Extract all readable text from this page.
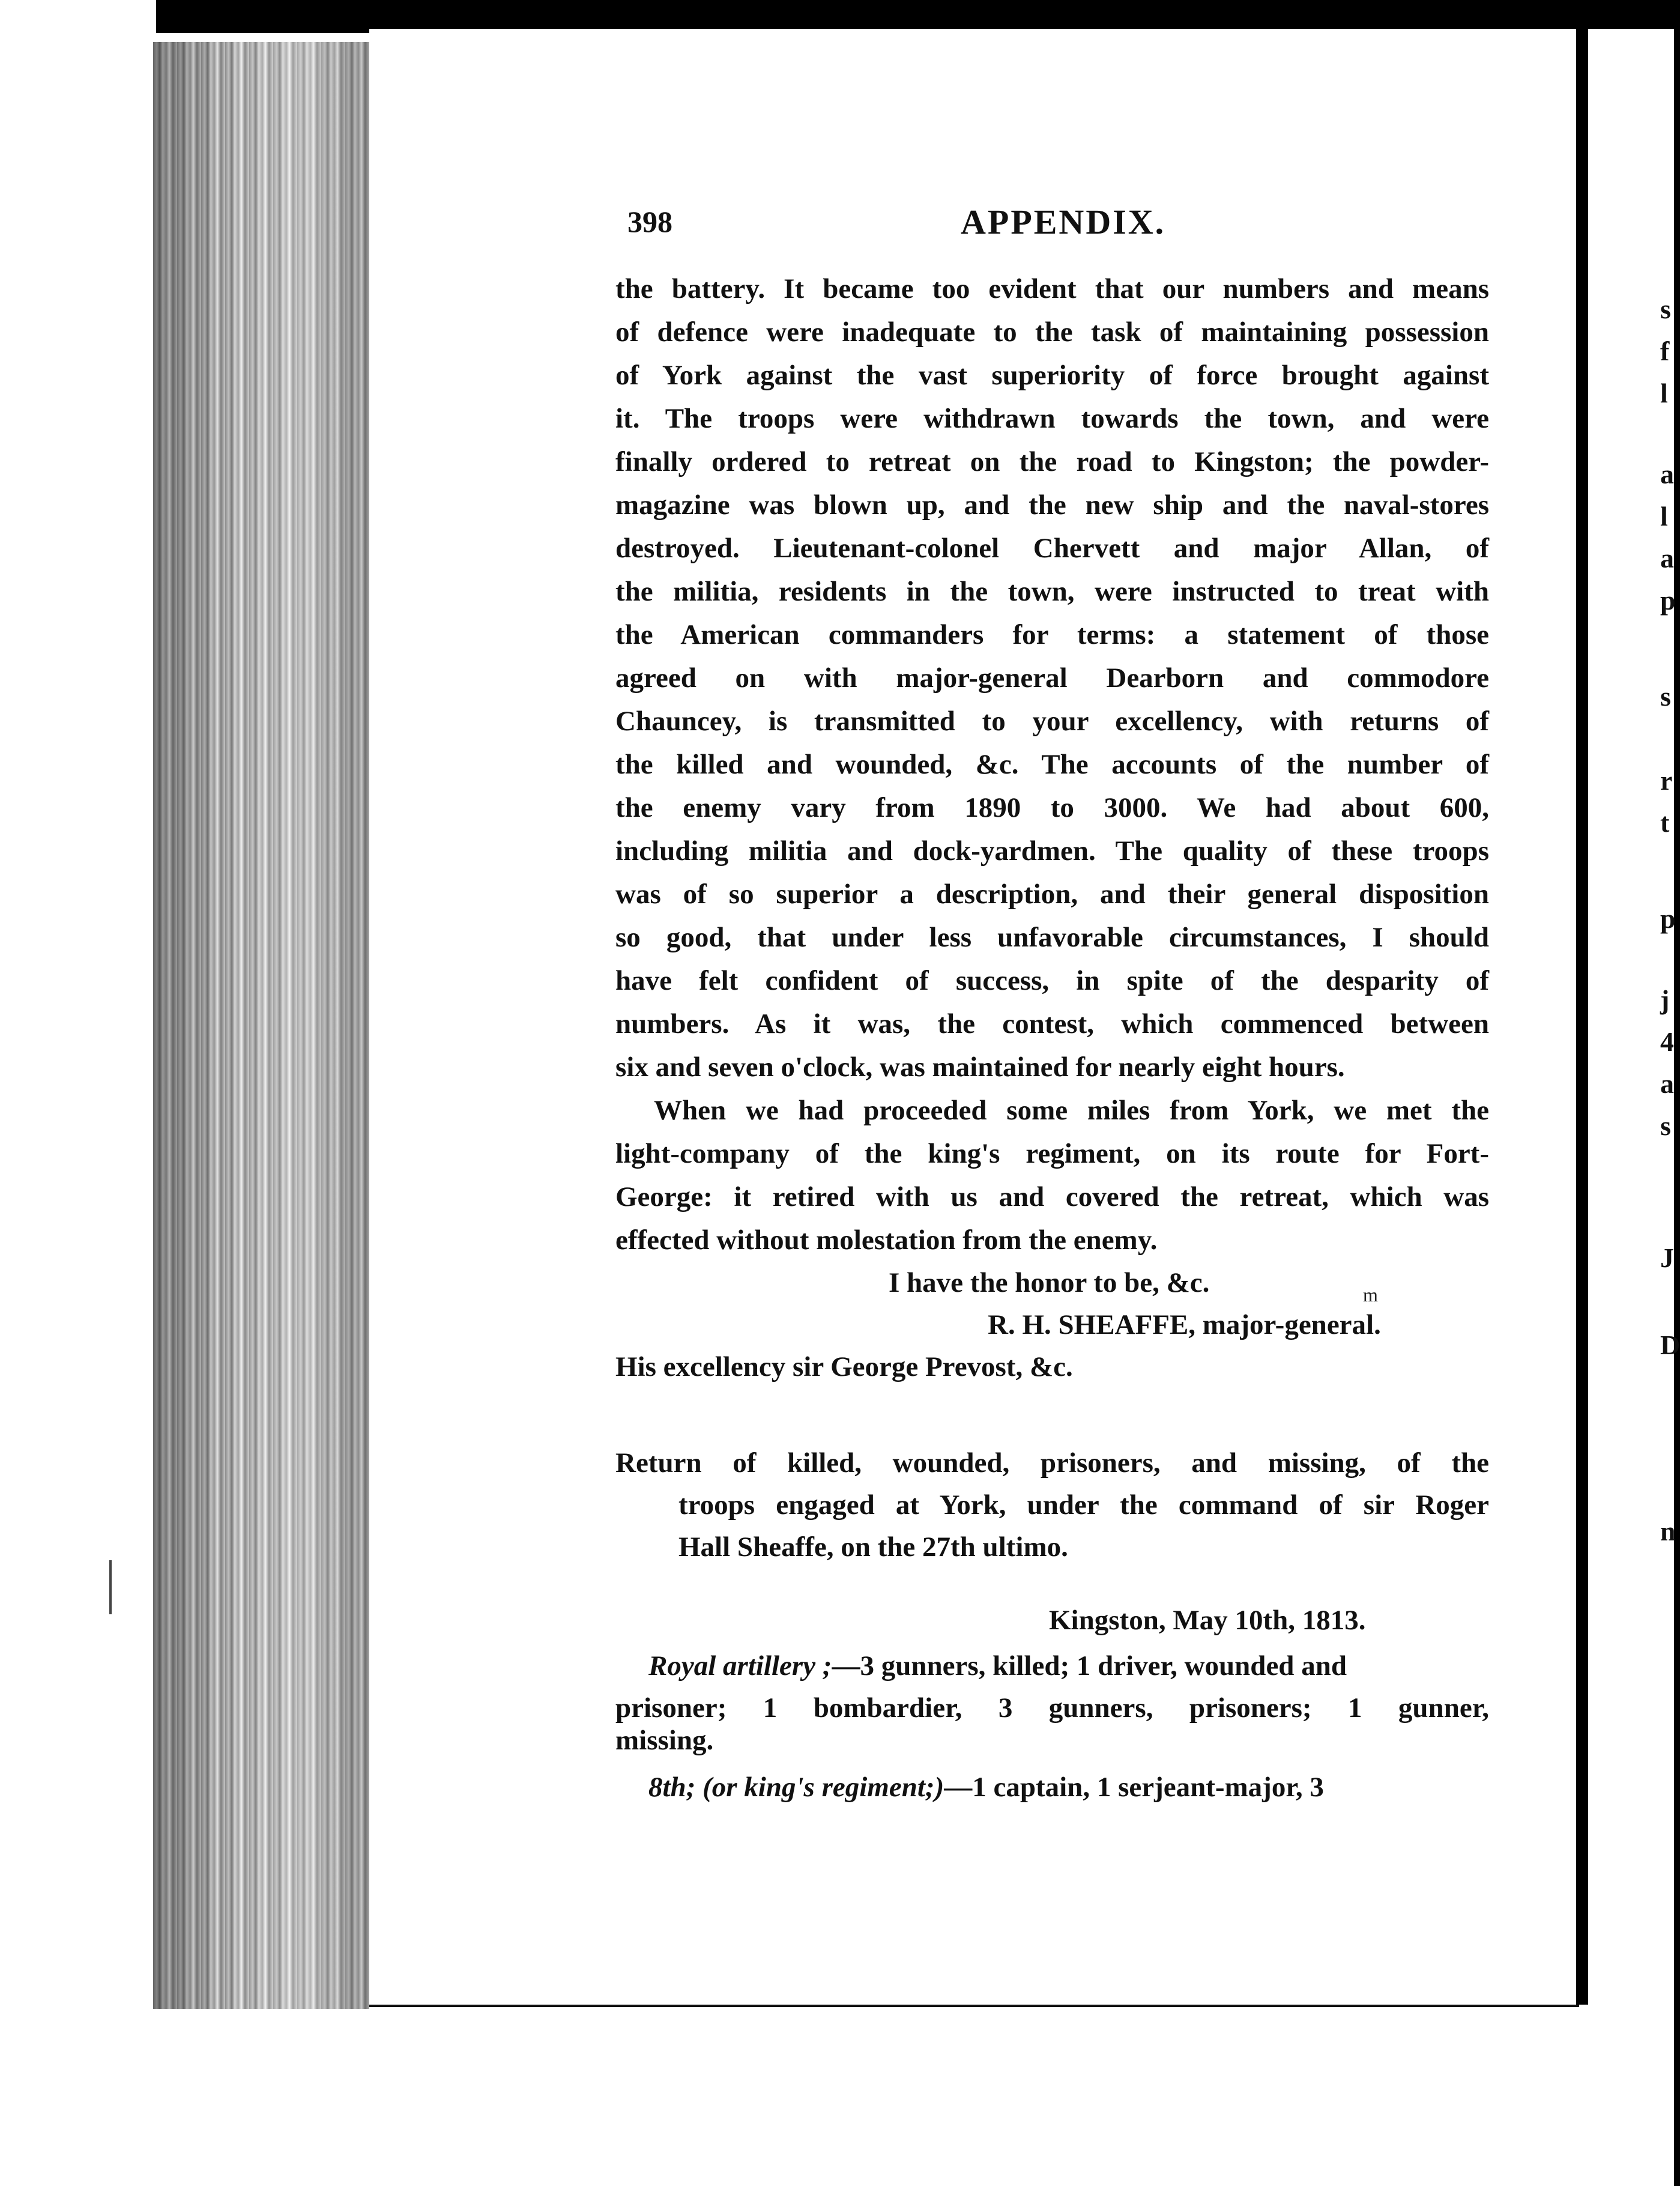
s
f
l
a
l
a
p
s
r
t
p
j
4
a
s
J
D
n
398	APPENDIX.
the battery. It became too evident that our numbers and means
of defence were inadequate to the task of maintaining possession
of York against the vast superiority of force brought against
it. The troops were withdrawn towards the town, and were
finally ordered to retreat on the road to Kingston; the powder-
magazine was blown up, and the new ship and the naval-stores
destroyed. Lieutenant-colonel Chervett and major Allan, of
the militia, residents in the town, were instructed to treat with
the American commanders for terms: a statement of those
agreed on with major-general Dearborn and commodore
Chauncey, is transmitted to your excellency, with returns of
the killed and wounded, &c. The accounts of the number of
the enemy vary from 1890 to 3000. We had about 600,
including militia and dock-yardmen. The quality of these troops
was of so superior a description, and their general disposition
so good, that under less unfavorable circumstances, I should
have felt confident of success, in spite of the desparity of
numbers. As it was, the contest, which commenced between
six and seven o'clock, was maintained for nearly eight hours.
When we had proceeded some miles from York, we met the
light-company of the king's regiment, on its route for Fort-
George: it retired with us and covered the retreat, which was
effected without molestation from the enemy.
I have the honor to be, &c.
R. H. SHEAFFE, major-general.
His excellency sir George Prevost, &c.
m
Return of killed, wounded, prisoners, and missing, of the
troops engaged at York, under the command of sir Roger
Hall Sheaffe, on the 27th ultimo.
Kingston, May 10th, 1813.
Royal artillery ;—3 gunners, killed; 1 driver, wounded and
prisoner; 1 bombardier, 3 gunners, prisoners; 1 gunner,
missing.
8th; (or king's regiment;)—1 captain, 1 serjeant-major, 3
